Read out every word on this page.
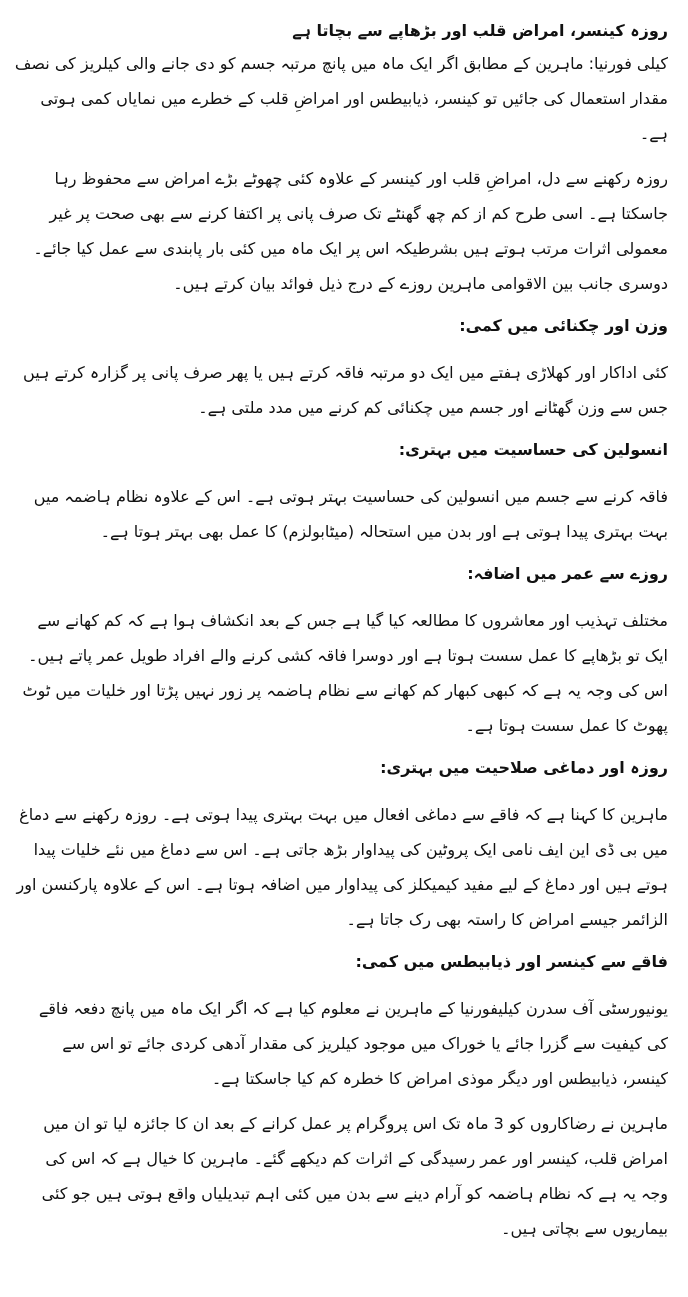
روزہ کینسر، امراض قلب اور بڑھاپے سے بچاتا ہے

کیلی فورنیا: ماہرین کے مطابق اگر ایک ماہ میں پانچ مرتبہ جسم کو دی جانے والی کیلریز کی نصف مقدار استعمال کی جائیں تو کینسر، ذیابیطس اور امراضِ قلب کے خطرے میں نمایاں کمی ہوتی ہے۔

روزہ رکھنے سے دل، امراضِ قلب اور کینسر کے علاوہ کئی چھوٹے بڑے امراض سے محفوظ رہا جاسکتا ہے۔ اسی طرح کم از کم چھ گھنٹے تک صرف پانی پر اکتفا کرنے سے بھی صحت پر غیر معمولی اثرات مرتب ہوتے ہیں بشرطیکہ اس پر ایک ماہ میں کئی بار پابندی سے عمل کیا جائے۔ دوسری جانب بین الاقوامی ماہرین روزے کے درج ذیل فوائد بیان کرتے ہیں۔

وزن اور چکنائی میں کمی:

کئی اداکار اور کھلاڑی ہفتے میں ایک دو مرتبہ فاقہ کرتے ہیں یا پھر صرف پانی پر گزارہ کرتے ہیں جس سے وزن گھٹانے اور جسم میں چکنائی کم کرنے میں مدد ملتی ہے۔

انسولین کی حساسیت میں بہتری:

فاقہ کرنے سے جسم میں انسولین کی حساسیت بہتر ہوتی ہے۔ اس کے علاوہ نظام ہاضمہ میں بہت بہتری پیدا ہوتی ہے اور بدن میں استحالہ (میٹابولزم) کا عمل بھی بہتر ہوتا ہے۔

روزے سے عمر میں اضافہ:

مختلف تہذیب اور معاشروں کا مطالعہ کیا گیا ہے جس کے بعد انکشاف ہوا ہے کہ کم کھانے سے ایک تو بڑھاپے کا عمل سست ہوتا ہے اور دوسرا فاقہ کشی کرنے والے افراد طویل عمر پاتے ہیں۔ اس کی وجہ یہ ہے کہ کبھی کبھار کم کھانے سے نظام ہاضمہ پر زور نہیں پڑتا اور خلیات میں ٹوٹ پھوٹ کا عمل سست ہوتا ہے۔

روزہ اور دماغی صلاحیت میں بہتری:

ماہرین کا کہنا ہے کہ فاقے سے دماغی افعال میں بہت بہتری پیدا ہوتی ہے۔ روزہ رکھنے سے دماغ میں بی ڈی این ایف نامی ایک پروٹین کی پیداوار بڑھ جاتی ہے۔ اس سے دماغ میں نئے خلیات پیدا ہوتے ہیں اور دماغ کے لیے مفید کیمیکلز کی پیداوار میں اضافہ ہوتا ہے۔ اس کے علاوہ پارکنسن اور الزائمر جیسے امراض کا راستہ بھی رک جاتا ہے۔

فاقے سے کینسر اور ذیابیطس میں کمی:

یونیورسٹی آف سدرن کیلیفورنیا کے ماہرین نے معلوم کیا ہے کہ اگر ایک ماہ میں پانچ دفعہ فاقے کی کیفیت سے گزرا جائے یا خوراک میں موجود کیلریز کی مقدار آدھی کردی جائے تو اس سے کینسر، ذیابیطس اور دیگر موذی امراض کا خطرہ کم کیا جاسکتا ہے۔

ماہرین نے رضاکاروں کو 3 ماہ تک اس پروگرام پر عمل کرانے کے بعد ان کا جائزہ لیا تو ان میں امراض قلب، کینسر اور عمر رسیدگی کے اثرات کم دیکھے گئے۔ ماہرین کا خیال ہے کہ اس کی وجہ یہ ہے کہ نظام ہاضمہ کو آرام دینے سے بدن میں کئی اہم تبدیلیاں واقع ہوتی ہیں جو کئی بیماریوں سے بچاتی ہیں۔
